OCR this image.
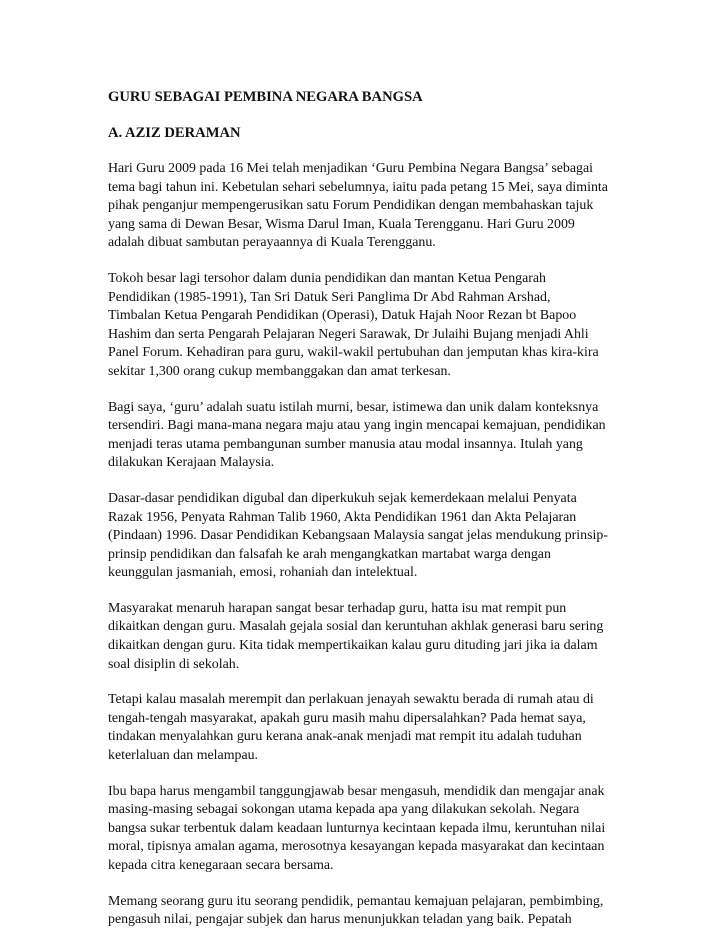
GURU SEBAGAI PEMBINA NEGARA BANGSA
A. AZIZ DERAMAN
Hari Guru 2009 pada 16 Mei telah menjadikan ‘Guru Pembina Negara Bangsa’ sebagai
tema bagi tahun ini. Kebetulan sehari sebelumnya, iaitu pada petang 15 Mei, saya diminta
pihak penganjur mempengerusikan satu Forum Pendidikan dengan membahaskan tajuk
yang sama di Dewan Besar, Wisma Darul Iman, Kuala Terengganu. Hari Guru 2009
adalah dibuat sambutan perayaannya di Kuala Terengganu.
Tokoh besar lagi tersohor dalam dunia pendidikan dan mantan Ketua Pengarah
Pendidikan (1985-1991), Tan Sri Datuk Seri Panglima Dr Abd Rahman Arshad,
Timbalan Ketua Pengarah Pendidikan (Operasi), Datuk Hajah Noor Rezan bt Bapoo
Hashim dan serta Pengarah Pelajaran Negeri Sarawak, Dr Julaihi Bujang menjadi Ahli
Panel Forum. Kehadiran para guru, wakil-wakil pertubuhan dan jemputan khas kira-kira
sekitar 1,300 orang cukup membanggakan dan amat terkesan.
Bagi saya, ‘guru’ adalah suatu istilah murni, besar, istimewa dan unik dalam konteksnya
tersendiri. Bagi mana-mana negara maju atau yang ingin mencapai kemajuan, pendidikan
menjadi teras utama pembangunan sumber manusia atau modal insannya. Itulah yang
dilakukan Kerajaan Malaysia.
Dasar-dasar pendidikan digubal dan diperkukuh sejak kemerdekaan melalui Penyata
Razak 1956, Penyata Rahman Talib 1960, Akta Pendidikan 1961 dan Akta Pelajaran
(Pindaan) 1996. Dasar Pendidikan Kebangsaan Malaysia sangat jelas mendukung prinsip-
prinsip pendidikan dan falsafah ke arah mengangkatkan martabat warga dengan
keunggulan jasmaniah, emosi, rohaniah dan intelektual.
Masyarakat menaruh harapan sangat besar terhadap guru, hatta isu mat rempit pun
dikaitkan dengan guru. Masalah gejala sosial dan keruntuhan akhlak generasi baru sering
dikaitkan dengan guru. Kita tidak mempertikaikan kalau guru dituding jari jika ia dalam
soal disiplin di sekolah.
Tetapi kalau masalah merempit dan perlakuan jenayah sewaktu berada di rumah atau di
tengah-tengah masyarakat, apakah guru masih mahu dipersalahkan? Pada hemat saya,
tindakan menyalahkan guru kerana anak-anak menjadi mat rempit itu adalah tuduhan
keterlaluan dan melampau.
Ibu bapa harus mengambil tanggungjawab besar mengasuh, mendidik dan mengajar anak
masing-masing sebagai sokongan utama kepada apa yang dilakukan sekolah. Negara
bangsa sukar terbentuk dalam keadaan lunturnya kecintaan kepada ilmu, keruntuhan nilai
moral, tipisnya amalan agama, merosotnya kesayangan kepada masyarakat dan kecintaan
kepada citra kenegaraan secara bersama.
Memang seorang guru itu seorang pendidik, pemantau kemajuan pelajaran, pembimbing,
pengasuh nilai, pengajar subjek dan harus menunjukkan teladan yang baik. Pepatah
